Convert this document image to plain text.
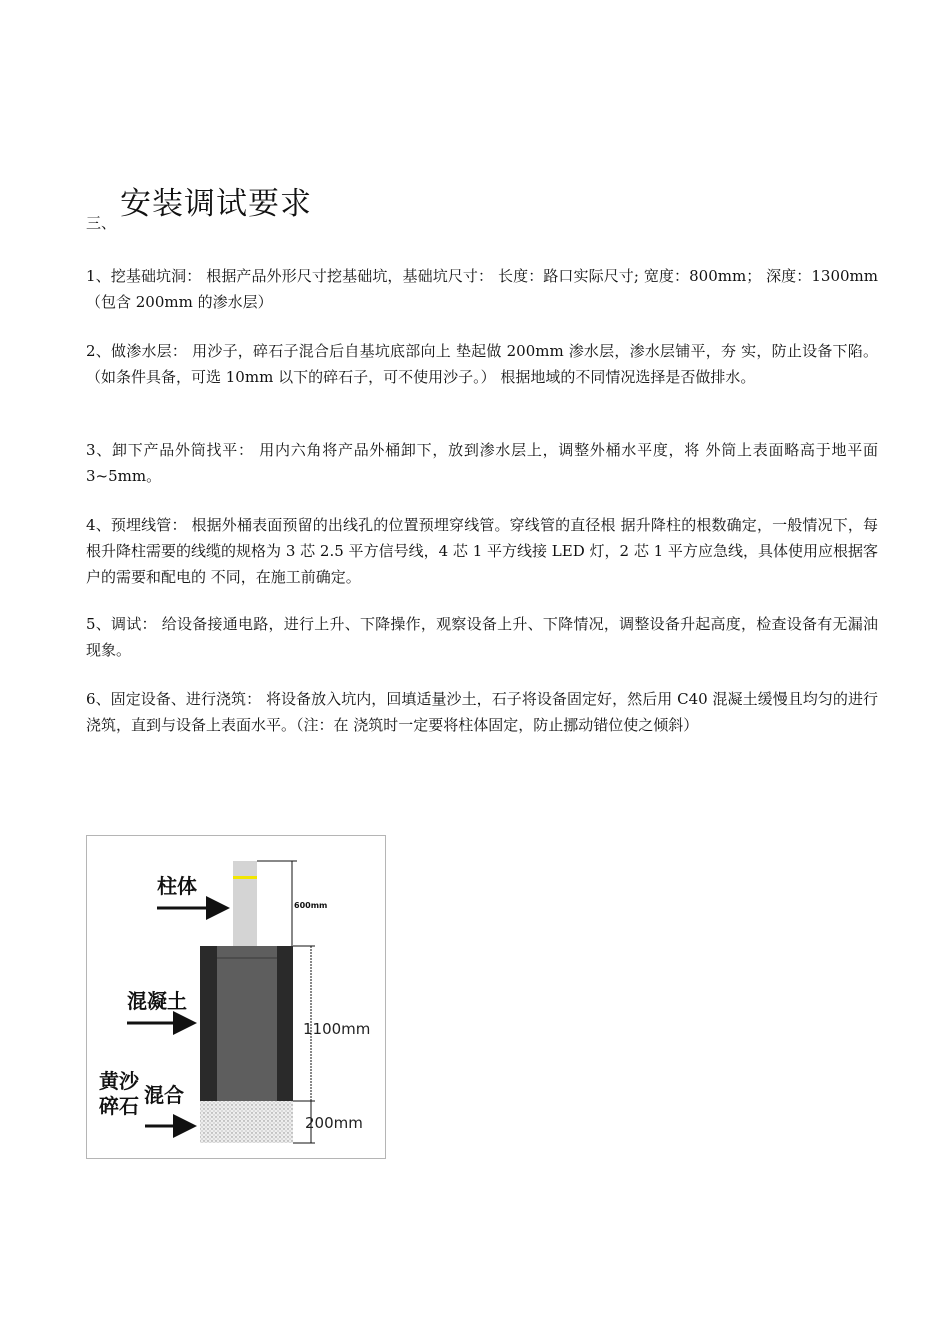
三、
安装调试要求

1、挖基础坑洞： 根据产品外形尺寸挖基础坑，基础坑尺寸： 长度：路口实际尺寸; 宽度：800mm； 深度：1300mm（包含 200mm 的渗水层）

2、做渗水层： 用沙子，碎石子混合后自基坑底部向上 垫起做 200mm 渗水层，渗水层铺平，夯 实，防止设备下陷。（如条件具备，可选 10mm 以下的碎石子，可不使用沙子。） 根据地域的不同情况选择是否做排水。

3、卸下产品外筒找平： 用内六角将产品外桶卸下，放到渗水层上，调整外桶水平度，将 外筒上表面略高于地平面 3~5mm。

4、预埋线管： 根据外桶表面预留的出线孔的位置预埋穿线管。穿线管的直径根 据升降柱的根数确定，一般情况下，每根升降柱需要的线缆的规格为 3 芯 2.5 平方信号线，4 芯 1 平方线接 LED 灯，2 芯 1 平方应急线，具体使用应根据客户的需要和配电的 不同，在施工前确定。

5、调试： 给设备接通电路，进行上升、下降操作，观察设备上升、下降情况，调整设备升起高度，检查设备有无漏油现象。

6、固定设备、进行浇筑： 将设备放入坑内，回填适量沙土，石子将设备固定好，然后用 C40 混凝土缓慢且均匀的进行浇筑，直到与设备上表面水平。（注：在 浇筑时一定要将柱体固定，防止挪动错位使之倾斜）

600mm
1100mm
200mm
柱体
混凝土
黄沙
碎石 混合
